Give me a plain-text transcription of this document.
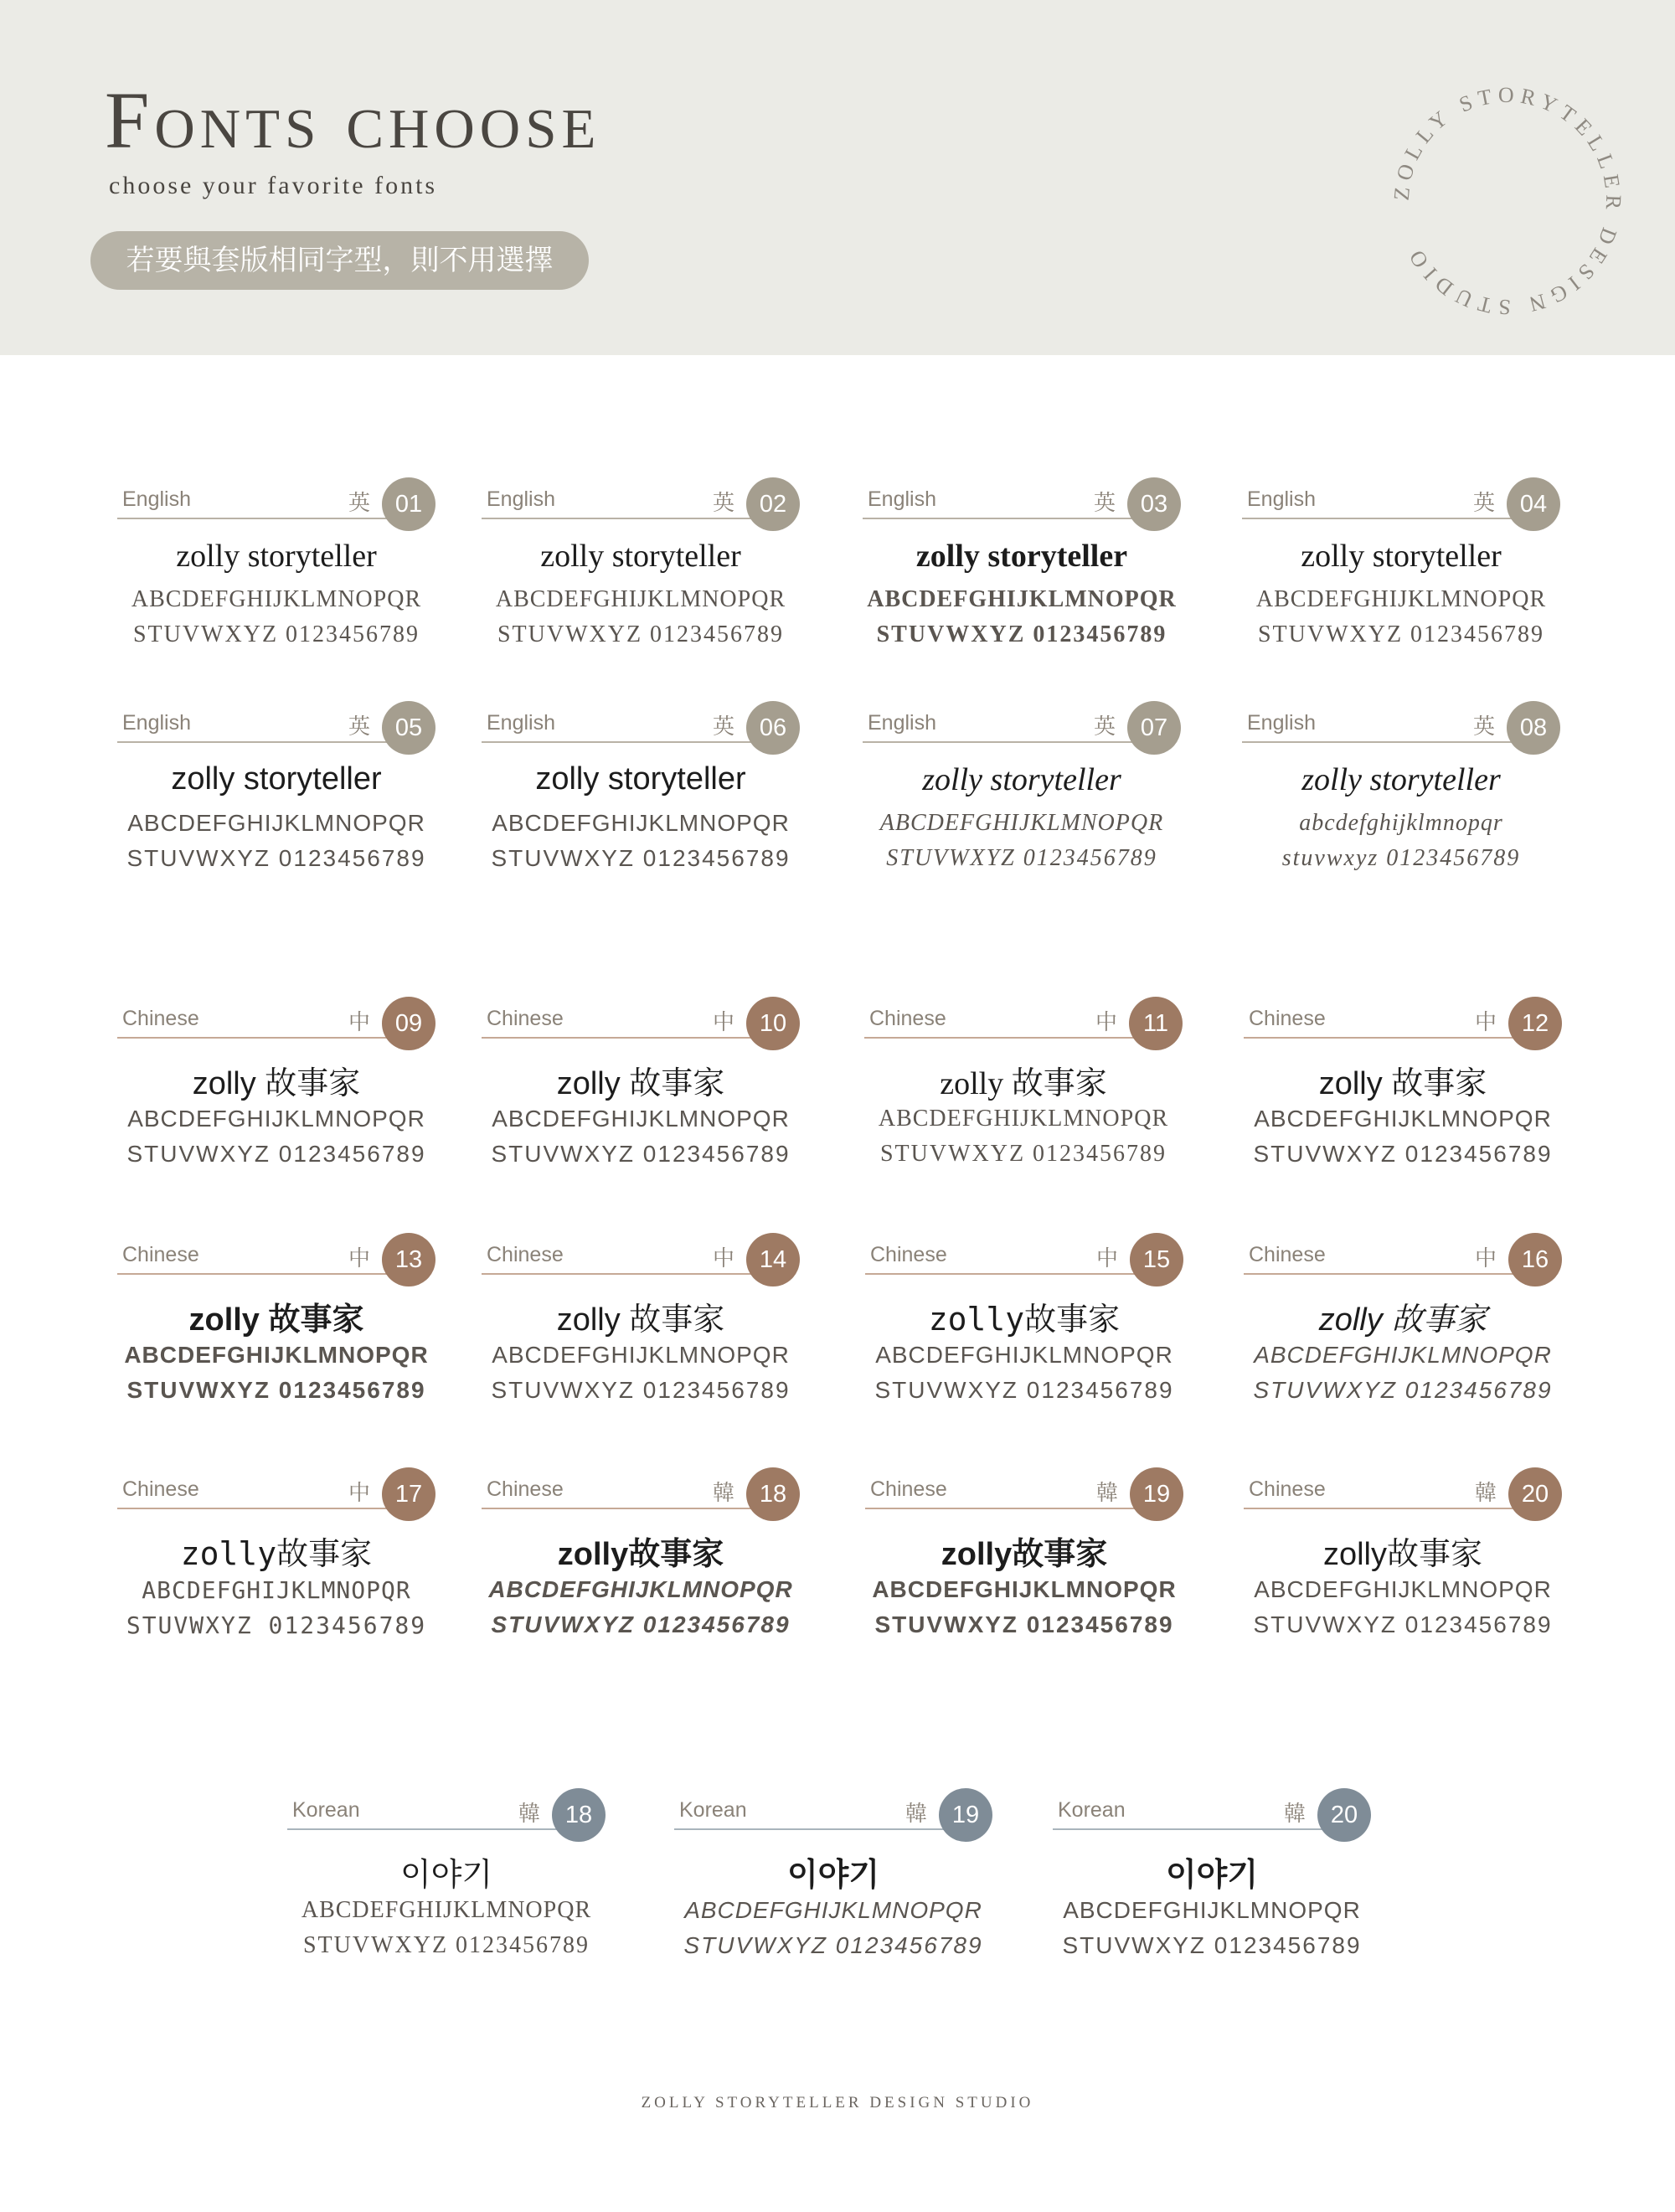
Fonts choose
choose your favorite fonts
若要與套版相同字型，則不用選擇
ZOLLY STORYTELLER DESIGN STUDIO
English	英	01
zolly storyteller
ABCDEFGHIJKLMNOPQR
STUVWXYZ 0123456789
English	英	02
zolly storyteller
ABCDEFGHIJKLMNOPQR
STUVWXYZ 0123456789
English	英	03
zolly storyteller
ABCDEFGHIJKLMNOPQR
STUVWXYZ 0123456789
English	英	04
zolly storyteller
ABCDEFGHIJKLMNOPQR
STUVWXYZ 0123456789
English	英	05
zolly storyteller
ABCDEFGHIJKLMNOPQR
STUVWXYZ 0123456789
English	英	06
zolly storyteller
ABCDEFGHIJKLMNOPQR
STUVWXYZ 0123456789
English	英	07
zolly storyteller
ABCDEFGHIJKLMNOPQR
STUVWXYZ 0123456789
English	英	08
zolly storyteller
abcdefghijklmnopqr
stuvwxyz 0123456789
Chinese	中	09
zolly 故事家
ABCDEFGHIJKLMNOPQR
STUVWXYZ 0123456789
Chinese	中	10
zolly 故事家
ABCDEFGHIJKLMNOPQR
STUVWXYZ 0123456789
Chinese	中	11
zolly 故事家
ABCDEFGHIJKLMNOPQR
STUVWXYZ 0123456789
Chinese	中	12
zolly 故事家
ABCDEFGHIJKLMNOPQR
STUVWXYZ 0123456789
Chinese	中	13
zolly 故事家
ABCDEFGHIJKLMNOPQR
STUVWXYZ 0123456789
Chinese	中	14
zolly 故事家
ABCDEFGHIJKLMNOPQR
STUVWXYZ 0123456789
Chinese	中	15
zolly故事家
ABCDEFGHIJKLMNOPQR
STUVWXYZ 0123456789
Chinese	中	16
zolly 故事家
ABCDEFGHIJKLMNOPQR
STUVWXYZ 0123456789
Chinese	中	17
zolly故事家
ABCDEFGHIJKLMNOPQR
STUVWXYZ 0123456789
Chinese	韓	18
zolly故事家
ABCDEFGHIJKLMNOPQR
STUVWXYZ 0123456789
Chinese	韓	19
zolly故事家
ABCDEFGHIJKLMNOPQR
STUVWXYZ 0123456789
Chinese	韓	20
zolly故事家
ABCDEFGHIJKLMNOPQR
STUVWXYZ 0123456789
Korean	韓	18
이야기
ABCDEFGHIJKLMNOPQR
STUVWXYZ 0123456789
Korean	韓	19
이야기
ABCDEFGHIJKLMNOPQR
STUVWXYZ 0123456789
Korean	韓	20
이야기
ABCDEFGHIJKLMNOPQR
STUVWXYZ 0123456789
ZOLLY STORYTELLER DESIGN STUDIO
